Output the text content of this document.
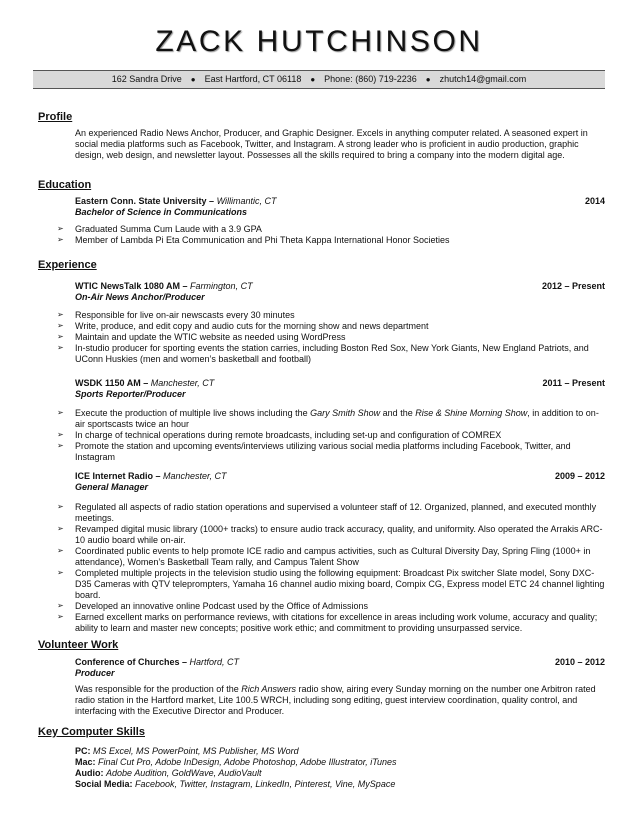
ZACK HUTCHINSON
162 Sandra Drive ● East Hartford, CT 06118 ● Phone: (860) 719-2236 ● zhutch14@gmail.com
Profile
An experienced Radio News Anchor, Producer, and Graphic Designer. Excels in anything computer related. A seasoned expert in social media platforms such as Facebook, Twitter, and Instagram. A strong leader who is proficient in audio production, graphic design, web design, and newsletter layout. Possesses all the skills required to bring a company into the modern digital age.
Education
Eastern Conn. State University – Willimantic, CT	2014
Bachelor of Science in Communications
➢ Graduated Summa Cum Laude with a 3.9 GPA
➢ Member of Lambda Pi Eta Communication and Phi Theta Kappa International Honor Societies
Experience
WTIC NewsTalk 1080 AM – Farmington, CT	2012 – Present
On-Air News Anchor/Producer
➢ Responsible for live on-air newscasts every 30 minutes
➢ Write, produce, and edit copy and audio cuts for the morning show and news department
➢ Maintain and update the WTIC website as needed using WordPress
➢ In-studio producer for sporting events the station carries, including Boston Red Sox, New York Giants, New England Patriots, and UConn Huskies (men and women’s basketball and football)
WSDK 1150 AM – Manchester, CT	2011 – Present
Sports Reporter/Producer
➢ Execute the production of multiple live shows including the Gary Smith Show and the Rise & Shine Morning Show, in addition to on-air sportscasts twice an hour
➢ In charge of technical operations during remote broadcasts, including set-up and configuration of COMREX
➢ Promote the station and upcoming events/interviews utilizing various social media platforms including Facebook, Twitter, and Instagram
ICE Internet Radio – Manchester, CT	2009 – 2012
General Manager
➢ Regulated all aspects of radio station operations and supervised a volunteer staff of 12. Organized, planned, and executed monthly meetings.
➢ Revamped digital music library (1000+ tracks) to ensure audio track accuracy, quality, and uniformity. Also operated the Arrakis ARC-10 audio board while on-air.
➢ Coordinated public events to help promote ICE radio and campus activities, such as Cultural Diversity Day, Spring Fling (1000+ in attendance), Women’s Basketball Team rally, and Campus Talent Show
➢ Completed multiple projects in the television studio using the following equipment: Broadcast Pix switcher Slate model, Sony DXC-D35 Cameras with QTV teleprompters, Yamaha 16 channel audio mixing board, Compix CG, Express model ETC 24 channel lighting board.
➢ Developed an innovative online Podcast used by the Office of Admissions
➢ Earned excellent marks on performance reviews, with citations for excellence in areas including work volume, accuracy and quality; ability to learn and master new concepts; positive work ethic; and commitment to providing unsurpassed service.
Volunteer Work
Conference of Churches – Hartford, CT	2010 – 2012
Producer
Was responsible for the production of the Rich Answers radio show, airing every Sunday morning on the number one Arbitron rated radio station in the Hartford market, Lite 100.5 WRCH, including song editing, guest interview coordination, quality control, and interfacing with the Executive Director and Producer.
Key Computer Skills
PC: MS Excel, MS PowerPoint, MS Publisher, MS Word
Mac: Final Cut Pro, Adobe InDesign, Adobe Photoshop, Adobe Illustrator, iTunes
Audio: Adobe Audition, GoldWave, AudioVault
Social Media: Facebook, Twitter, Instagram, LinkedIn, Pinterest, Vine, MySpace
